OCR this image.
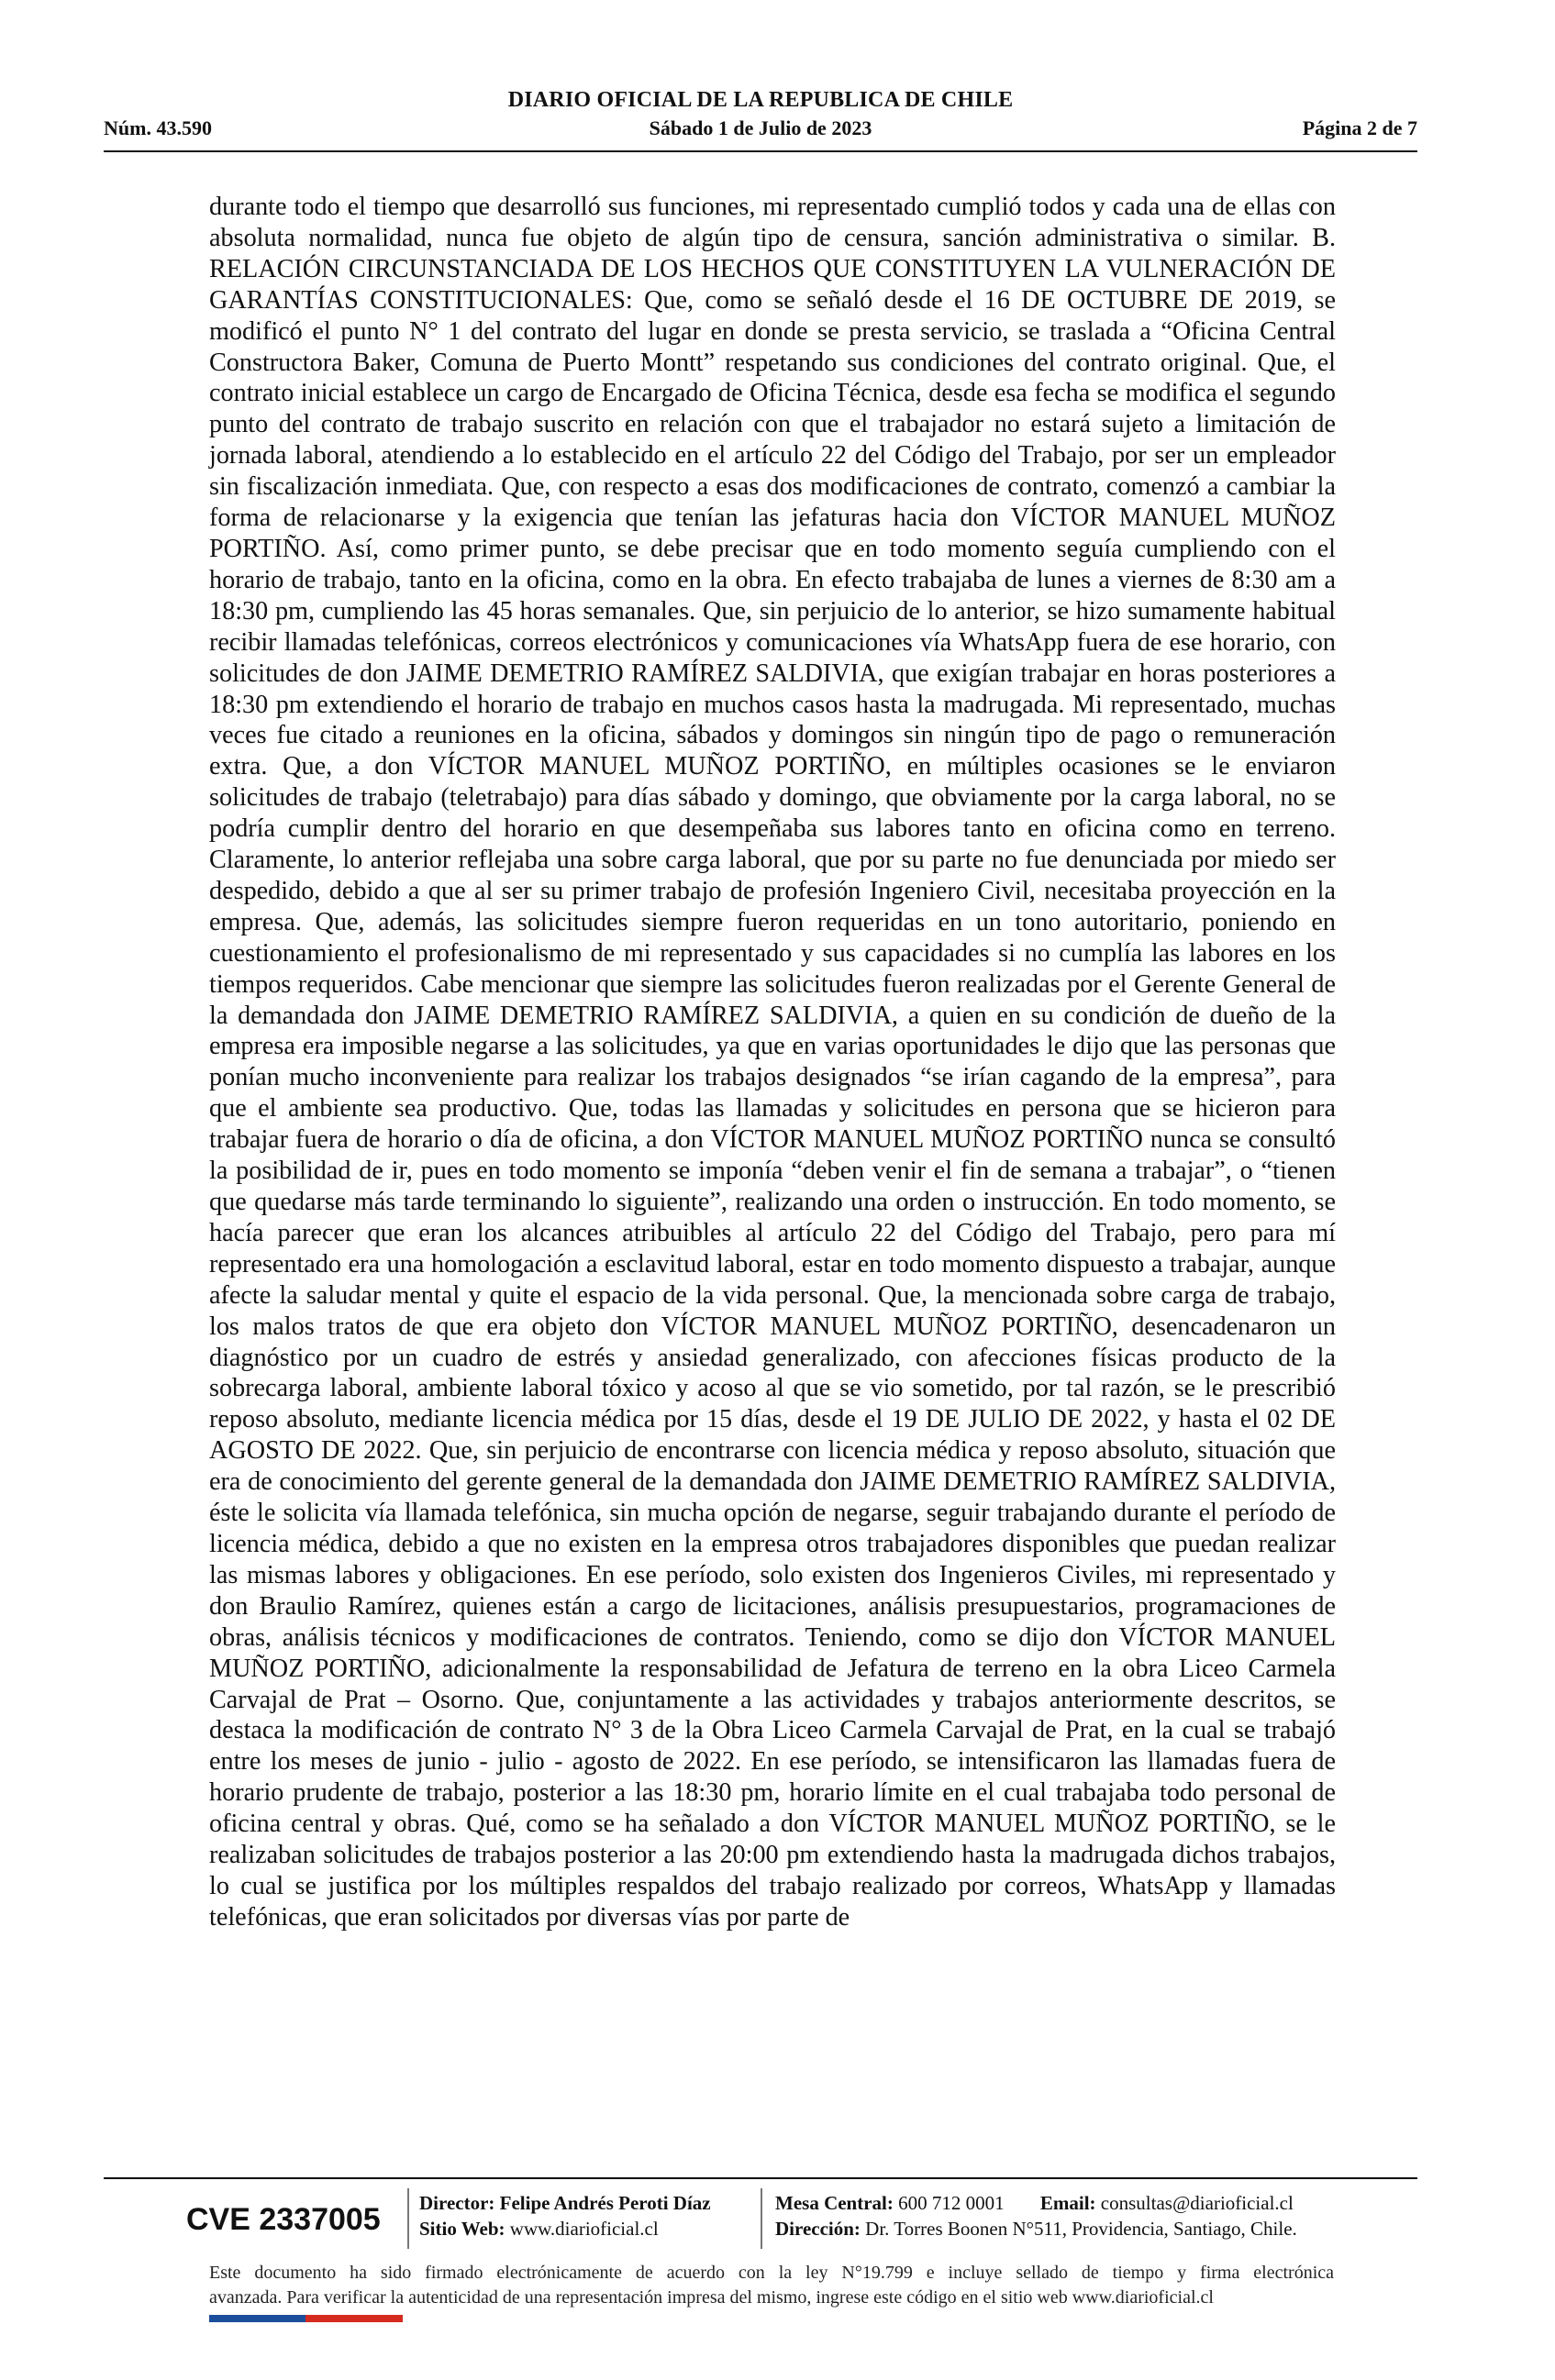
DIARIO OFICIAL DE LA REPUBLICA DE CHILE
Núm. 43.590	Sábado 1 de Julio de 2023	Página 2 de 7
durante todo el tiempo que desarrolló sus funciones, mi representado cumplió todos y cada una de ellas con absoluta normalidad, nunca fue objeto de algún tipo de censura, sanción administrativa o similar. B. RELACIÓN CIRCUNSTANCIADA DE LOS HECHOS QUE CONSTITUYEN LA VULNERACIÓN DE GARANTÍAS CONSTITUCIONALES: Que, como se señaló desde el 16 DE OCTUBRE DE 2019, se modificó el punto N° 1 del contrato del lugar en donde se presta servicio, se traslada a “Oficina Central Constructora Baker, Comuna de Puerto Montt” respetando sus condiciones del contrato original. Que, el contrato inicial establece un cargo de Encargado de Oficina Técnica, desde esa fecha se modifica el segundo punto del contrato de trabajo suscrito en relación con que el trabajador no estará sujeto a limitación de jornada laboral, atendiendo a lo establecido en el artículo 22 del Código del Trabajo, por ser un empleador sin fiscalización inmediata. Que, con respecto a esas dos modificaciones de contrato, comenzó a cambiar la forma de relacionarse y la exigencia que tenían las jefaturas hacia don VÍCTOR MANUEL MUÑOZ PORTIÑO. Así, como primer punto, se debe precisar que en todo momento seguía cumpliendo con el horario de trabajo, tanto en la oficina, como en la obra. En efecto trabajaba de lunes a viernes de 8:30 am a 18:30 pm, cumpliendo las 45 horas semanales. Que, sin perjuicio de lo anterior, se hizo sumamente habitual recibir llamadas telefónicas, correos electrónicos y comunicaciones vía WhatsApp fuera de ese horario, con solicitudes de don JAIME DEMETRIO RAMÍREZ SALDIVIA, que exigían trabajar en horas posteriores a 18:30 pm extendiendo el horario de trabajo en muchos casos hasta la madrugada. Mi representado, muchas veces fue citado a reuniones en la oficina, sábados y domingos sin ningún tipo de pago o remuneración extra. Que, a don VÍCTOR MANUEL MUÑOZ PORTIÑO, en múltiples ocasiones se le enviaron solicitudes de trabajo (teletrabajo) para días sábado y domingo, que obviamente por la carga laboral, no se podría cumplir dentro del horario en que desempeñaba sus labores tanto en oficina como en terreno. Claramente, lo anterior reflejaba una sobre carga laboral, que por su parte no fue denunciada por miedo ser despedido, debido a que al ser su primer trabajo de profesión Ingeniero Civil, necesitaba proyección en la empresa. Que, además, las solicitudes siempre fueron requeridas en un tono autoritario, poniendo en cuestionamiento el profesionalismo de mi representado y sus capacidades si no cumplía las labores en los tiempos requeridos. Cabe mencionar que siempre las solicitudes fueron realizadas por el Gerente General de la demandada don JAIME DEMETRIO RAMÍREZ SALDIVIA, a quien en su condición de dueño de la empresa era imposible negarse a las solicitudes, ya que en varias oportunidades le dijo que las personas que ponían mucho inconveniente para realizar los trabajos designados “se irían cagando de la empresa”, para que el ambiente sea productivo. Que, todas las llamadas y solicitudes en persona que se hicieron para trabajar fuera de horario o día de oficina, a don VÍCTOR MANUEL MUÑOZ PORTIÑO nunca se consultó la posibilidad de ir, pues en todo momento se imponía “deben venir el fin de semana a trabajar”, o “tienen que quedarse más tarde terminando lo siguiente”, realizando una orden o instrucción. En todo momento, se hacía parecer que eran los alcances atribuibles al artículo 22 del Código del Trabajo, pero para mí representado era una homologación a esclavitud laboral, estar en todo momento dispuesto a trabajar, aunque afecte la saludar mental y quite el espacio de la vida personal. Que, la mencionada sobre carga de trabajo, los malos tratos de que era objeto don VÍCTOR MANUEL MUÑOZ PORTIÑO, desencadenaron un diagnóstico por un cuadro de estrés y ansiedad generalizado, con afecciones físicas producto de la sobrecarga laboral, ambiente laboral tóxico y acoso al que se vio sometido, por tal razón, se le prescribió reposo absoluto, mediante licencia médica por 15 días, desde el 19 DE JULIO DE 2022, y hasta el 02 DE AGOSTO DE 2022. Que, sin perjuicio de encontrarse con licencia médica y reposo absoluto, situación que era de conocimiento del gerente general de la demandada don JAIME DEMETRIO RAMÍREZ SALDIVIA, éste le solicita vía llamada telefónica, sin mucha opción de negarse, seguir trabajando durante el período de licencia médica, debido a que no existen en la empresa otros trabajadores disponibles que puedan realizar las mismas labores y obligaciones. En ese período, solo existen dos Ingenieros Civiles, mi representado y don Braulio Ramírez, quienes están a cargo de licitaciones, análisis presupuestarios, programaciones de obras, análisis técnicos y modificaciones de contratos. Teniendo, como se dijo don VÍCTOR MANUEL MUÑOZ PORTIÑO, adicionalmente la responsabilidad de Jefatura de terreno en la obra Liceo Carmela Carvajal de Prat – Osorno. Que, conjuntamente a las actividades y trabajos anteriormente descritos, se destaca la modificación de contrato N° 3 de la Obra Liceo Carmela Carvajal de Prat, en la cual se trabajó entre los meses de junio - julio - agosto de 2022. En ese período, se intensificaron las llamadas fuera de horario prudente de trabajo, posterior a las 18:30 pm, horario límite en el cual trabajaba todo personal de oficina central y obras. Qué, como se ha señalado a don VÍCTOR MANUEL MUÑOZ PORTIÑO, se le realizaban solicitudes de trabajos posterior a las 20:00 pm extendiendo hasta la madrugada dichos trabajos, lo cual se justifica por los múltiples respaldos del trabajo realizado por correos, WhatsApp y llamadas telefónicas, que eran solicitados por diversas vías por parte de
CVE 2337005 Director: Felipe Andrés Peroti Díaz
Sitio Web: www.diarioficial.cl
Mesa Central: 600 712 0001 Email: consultas@diarioficial.cl
Dirección: Dr. Torres Boonen N°511, Providencia, Santiago, Chile.
Este documento ha sido firmado electrónicamente de acuerdo con la ley N°19.799 e incluye sellado de tiempo y firma electrónica
avanzada. Para verificar la autenticidad de una representación impresa del mismo, ingrese este código en el sitio web www.diarioficial.cl
